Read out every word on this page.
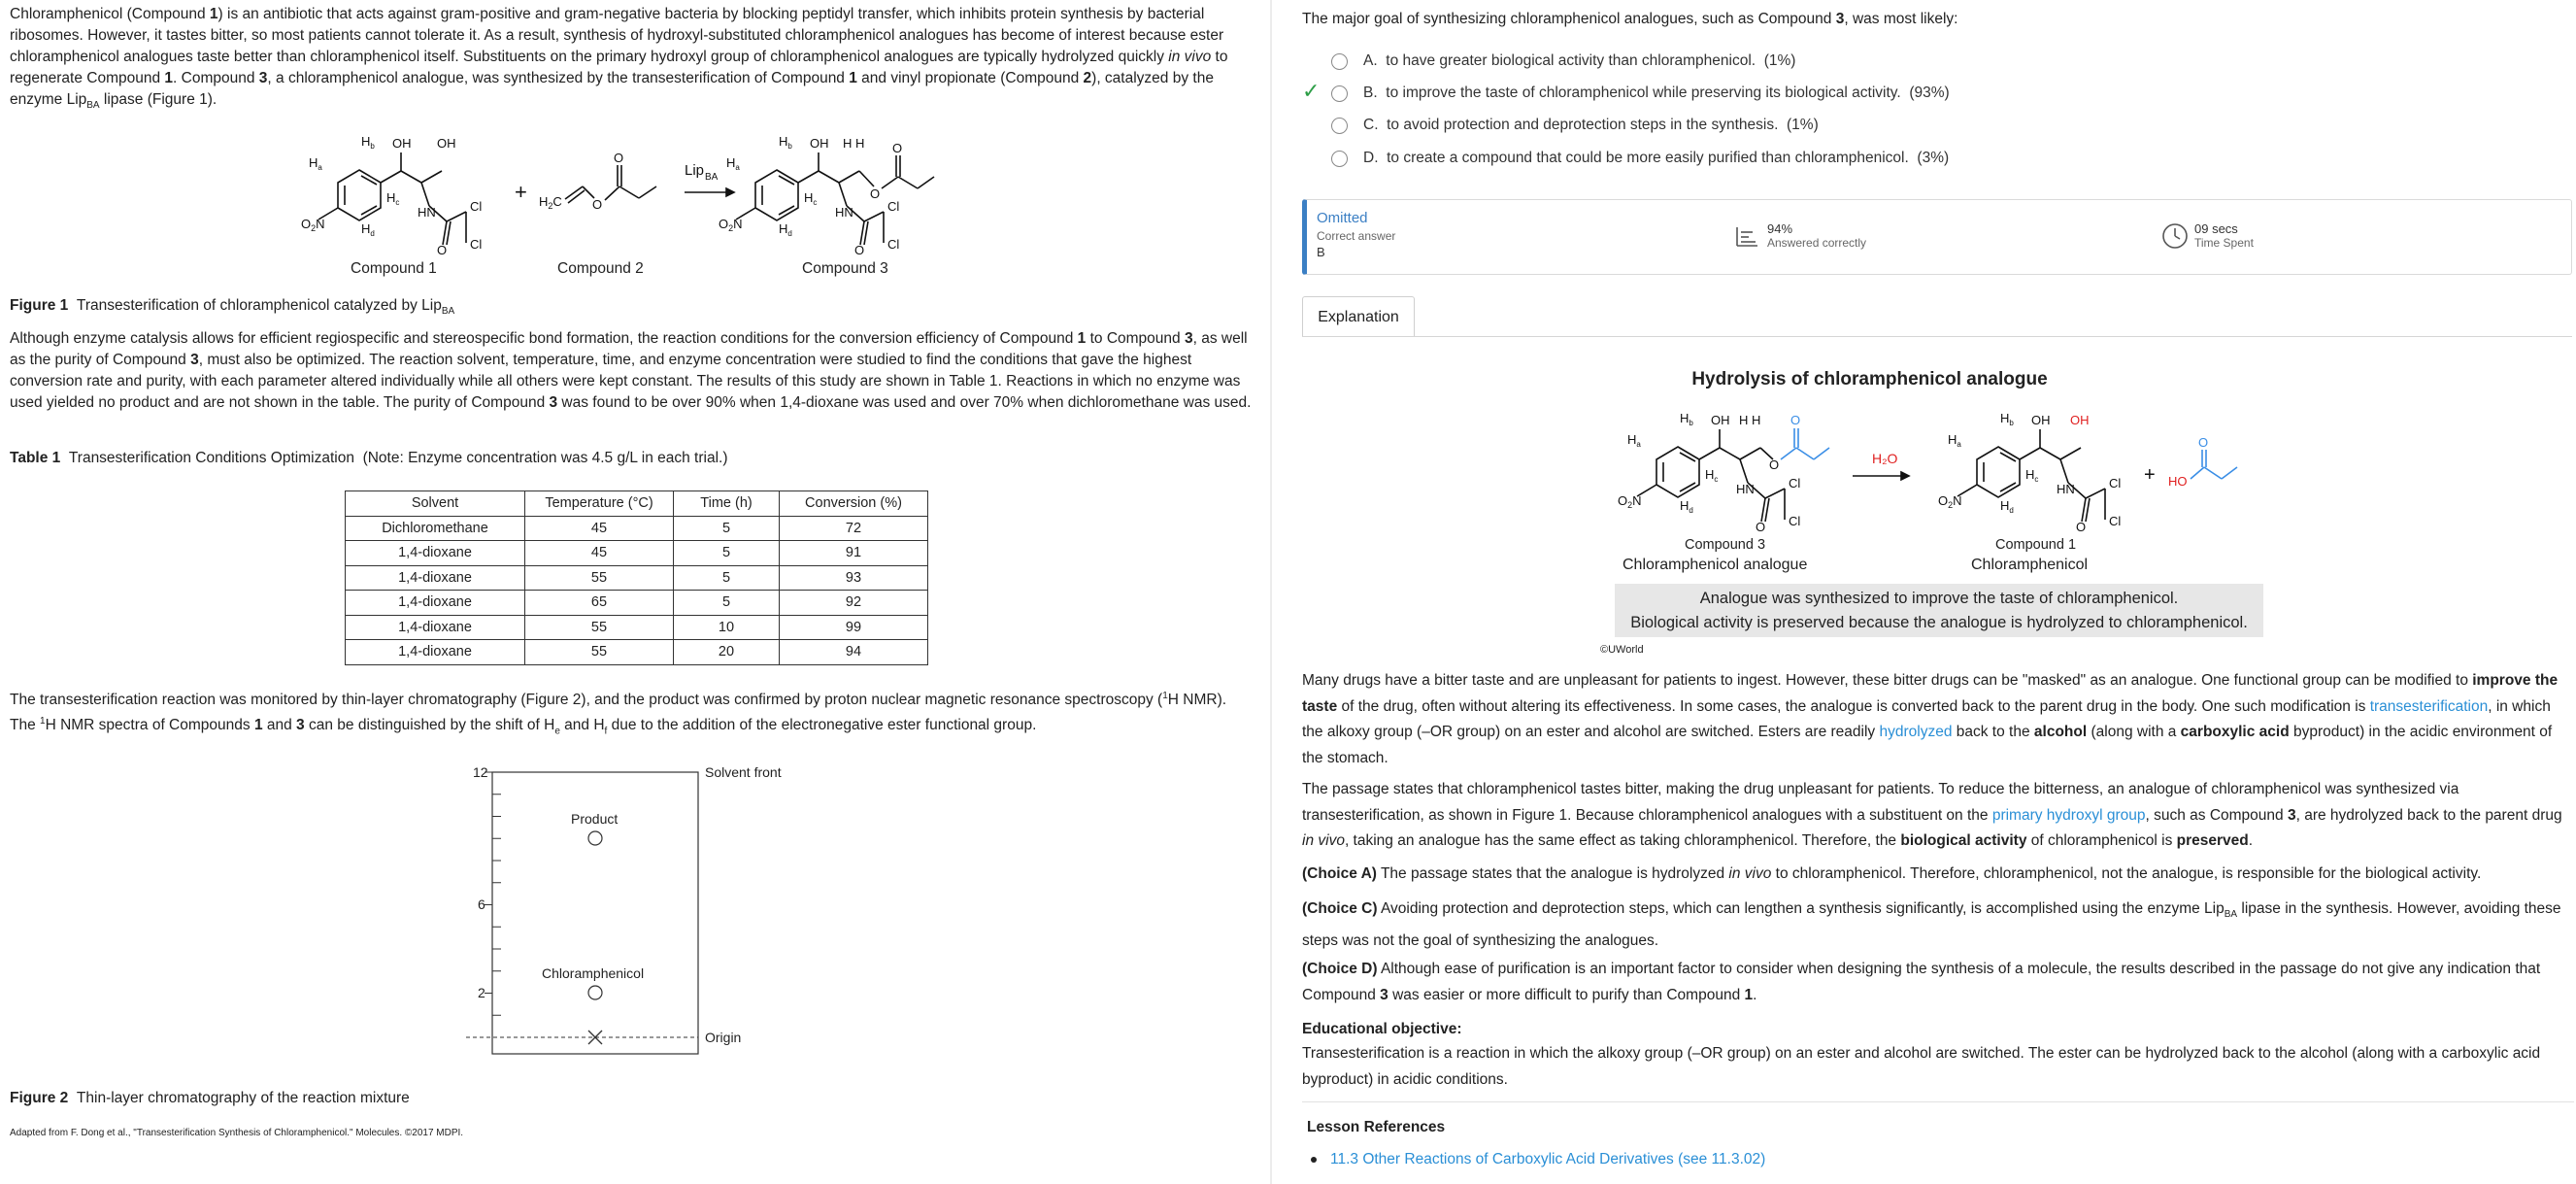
Chloramphenicol (Compound 1) is an antibiotic that acts against gram-positive and gram-negative bacteria by blocking peptidyl transfer, which inhibits protein synthesis by bacterial ribosomes. However, it tastes bitter, so most patients cannot tolerate it. As a result, synthesis of hydroxyl-substituted chloramphenicol analogues has become of interest because ester chloramphenicol analogues taste better than chloramphenicol itself. Substituents on the primary hydroxyl group of chloramphenicol analogues are typically hydrolyzed quickly in vivo to regenerate Compound 1. Compound 3, a chloramphenicol analogue, was synthesized by the transesterification of Compound 1 and vinyl propionate (Compound 2), catalyzed by the enzyme Lip$_{BA}$ lipase (Figure 1).
$O_2N$
OH OH
HN	Cl
Cl
O
$H_a$
$H_b$
$H_d$
$H_c$	+ $H_2C$ O
O
Lip BA
O
O
$O_2N$
OH H H
HN	Cl
Cl
O
$H_a$
$H_b$
$H_d$
$H_c$
Compound 1	Compound 2	Compound 3
Figure 1 Transesterification of chloramphenicol catalyzed by Lip$_{BA}$
Although enzyme catalysis allows for efficient regiospecific and stereospecific bond formation, the reaction conditions for the conversion efficiency of Compound 1 to Compound 3, as well as the purity of Compound 3, must also be optimized. The reaction solvent, temperature, time, and enzyme concentration were studied to find the conditions that gave the highest conversion rate and purity, with each parameter altered individually while all others were kept constant. The results of this study are shown in Table 1. Reactions in which no enzyme was used yielded no product and are not shown in the table. The purity of Compound 3 was found to be over 90% when 1,4-dioxane was used and over 70% when dichloromethane was used.
Table 1 Transesterification Conditions Optimization (Note: Enzyme concentration was 4.5 g/L in each trial.)
Solvent	Temperature (°C)	Time (h)	Conversion (%)
Dichloromethane	45	5	72
1,4-dioxane	45	5	91
1,4-dioxane	55	5	93
1,4-dioxane	65	5	92
1,4-dioxane	55	10	99
1,4-dioxane	55	20	94
The transesterification reaction was monitored by thin-layer chromatography (Figure 2), and the product was confirmed by proton nuclear magnetic resonance spectroscopy ($^1$H NMR). The $^1$H NMR spectra of Compounds 1 and 3 can be distinguished by the shift of $H_e$ and $H_f$ due to the addition of the electronegative ester functional group.
12
6
2
Solvent front
Origin
Product
Chloramphenicol
Figure 2 Thin-layer chromatography of the reaction mixture
Adapted from F. Dong et al., "Transesterification Synthesis of Chloramphenicol." Molecules. ©2017 MDPI.
The major goal of synthesizing chloramphenicol analogues, such as Compound 3, was most likely:
A.
to have greater biological activity than chloramphenicol.
(1%)
✓	B.
to improve the taste of chloramphenicol while preserving its biological activity.
(93%)
C.
to avoid protection and deprotection steps in the synthesis.
(1%)
D.
to create a compound that could be more easily purified than chloramphenicol.
(3%)
Omitted
Correct answer
B
94%
Answered correctly
09 secs
Time Spent
Explanation
Hydrolysis of chloramphenicol analogue
O
O
$O_2N$
OH H H
HN	Cl
Cl
O
$H_a$
$H_b$
$H_d$
$H_c$
H₂O
$O_2N$
OH OH
HN	Cl
Cl
O
$H_a$
$H_b$
$H_d$
$H_c$	+ HO
O
Compound 3
Chloramphenicol analogue
Compound 1
Chloramphenicol
Analogue was synthesized to improve the taste of chloramphenicol.
Biological activity is preserved because the analogue is hydrolyzed to chloramphenicol.
©UWorld
Many drugs have a bitter taste and are unpleasant for patients to ingest. However, these bitter drugs can be "masked" as an analogue. One functional group can be modified to improve the taste of the drug, often without altering its effectiveness. In some cases, the analogue is converted back to the parent drug in the body. One such modification is transesterification, in which the alkoxy group (–OR group) on an ester and alcohol are switched. Esters are readily hydrolyzed back to the alcohol (along with a carboxylic acid byproduct) in the acidic environment of the stomach.
The passage states that chloramphenicol tastes bitter, making the drug unpleasant for patients. To reduce the bitterness, an analogue of chloramphenicol was synthesized via transesterification, as shown in Figure 1. Because chloramphenicol analogues with a substituent on the primary hydroxyl group, such as Compound 3, are hydrolyzed back to the parent drug in vivo, taking an analogue has the same effect as taking chloramphenicol. Therefore, the biological activity of chloramphenicol is preserved.
(Choice A) The passage states that the analogue is hydrolyzed in vivo to chloramphenicol. Therefore, chloramphenicol, not the analogue, is responsible for the biological activity.
(Choice C) Avoiding protection and deprotection steps, which can lengthen a synthesis significantly, is accomplished using the enzyme Lip$_{BA}$ lipase in the synthesis. However, avoiding these steps was not the goal of synthesizing the analogues.
(Choice D) Although ease of purification is an important factor to consider when designing the synthesis of a molecule, the results described in the passage do not give any indication that Compound 3 was easier or more difficult to purify than Compound 1.
Educational objective:
Transesterification is a reaction in which the alkoxy group (–OR group) on an ester and alcohol are switched. The ester can be hydrolyzed back to the alcohol (along with a carboxylic acid byproduct) in acidic conditions.
Lesson References
11.3 Other Reactions of Carboxylic Acid Derivatives (see 11.3.02)
